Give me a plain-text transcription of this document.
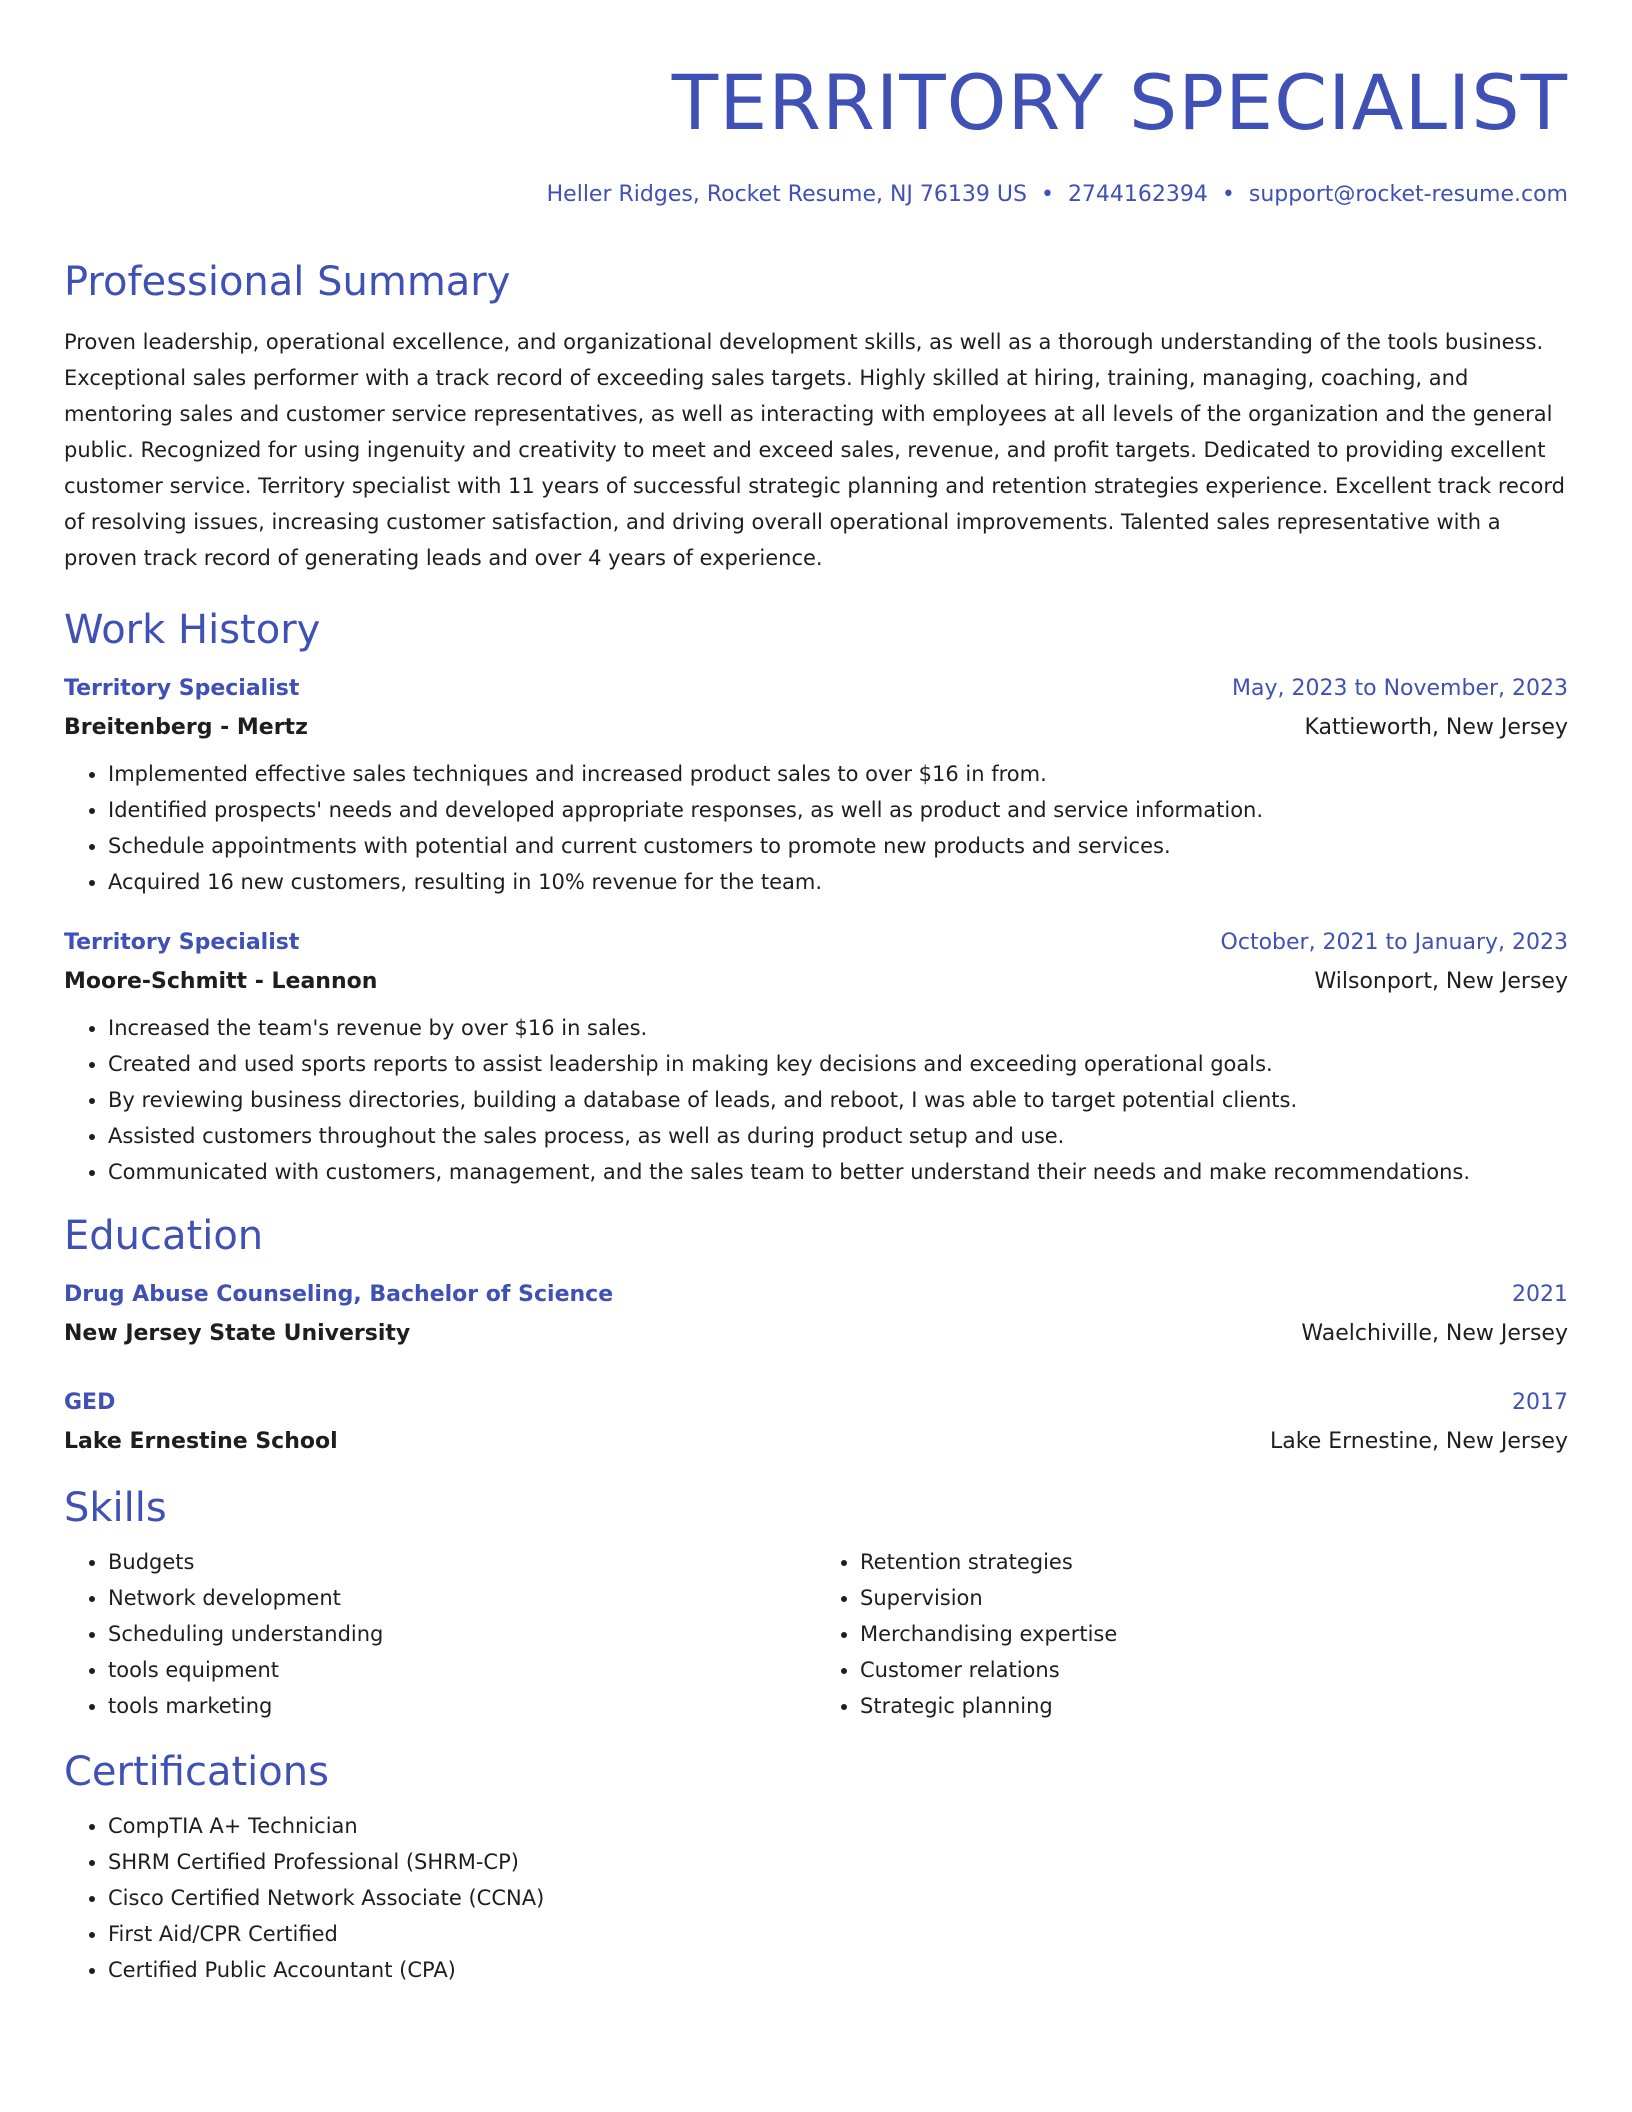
TERRITORY SPECIALIST
Heller Ridges, Rocket Resume, NJ 76139 US • 2744162394 • support@rocket-resume.com
Professional Summary

Proven leadership, operational excellence, and organizational development skills, as well as a thorough understanding of the tools business. Exceptional sales performer with a track record of exceeding sales targets. Highly skilled at hiring, training, managing, coaching, and mentoring sales and customer service representatives, as well as interacting with employees at all levels of the organization and the general public. Recognized for using ingenuity and creativity to meet and exceed sales, revenue, and profit targets. Dedicated to providing excellent customer service. Territory specialist with 11 years of successful strategic planning and retention strategies experience. Excellent track record of resolving issues, increasing customer satisfaction, and driving overall operational improvements. Talented sales representative with a proven track record of generating leads and over 4 years of experience.

Work History
Territory Specialist	May, 2023 to November, 2023
Breitenberg - Mertz	Kattieworth, New Jersey
• Implemented effective sales techniques and increased product sales to over $16 in from.
• Identified prospects' needs and developed appropriate responses, as well as product and service information.
• Schedule appointments with potential and current customers to promote new products and services.
• Acquired 16 new customers, resulting in 10% revenue for the team.
Territory Specialist	October, 2021 to January, 2023
Moore-Schmitt - Leannon	Wilsonport, New Jersey
• Increased the team's revenue by over $16 in sales.
• Created and used sports reports to assist leadership in making key decisions and exceeding operational goals.
• By reviewing business directories, building a database of leads, and reboot, I was able to target potential clients.
• Assisted customers throughout the sales process, as well as during product setup and use.
• Communicated with customers, management, and the sales team to better understand their needs and make recommendations.
Education
Drug Abuse Counseling, Bachelor of Science	2021
New Jersey State University	Waelchiville, New Jersey
GED	2017
Lake Ernestine School	Lake Ernestine, New Jersey
Skills
• Budgets
• Network development
• Scheduling understanding
• tools equipment
• tools marketing
• Retention strategies
• Supervision
• Merchandising expertise
• Customer relations
• Strategic planning
Certifications
• CompTIA A+ Technician
• SHRM Certified Professional (SHRM-CP)
• Cisco Certified Network Associate (CCNA)
• First Aid/CPR Certified
• Certified Public Accountant (CPA)
